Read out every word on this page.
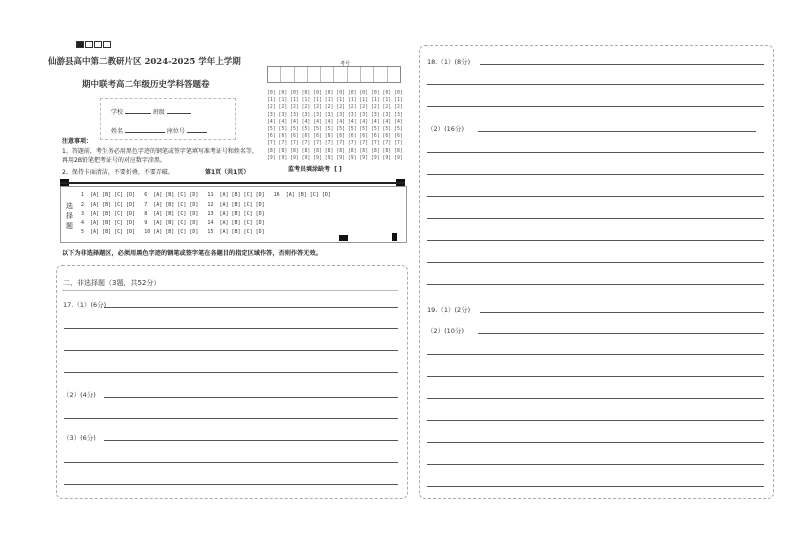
仙游县高中第二教研片区 2024-2025 学年上学期
期中联考高二年级历史学科答题卷
学校	班级
姓名	座位号
考号
[0] [0] [0] [0] [0] [0] [0] [0] [0] [0] [0] [0]
[1] [1] [1] [1] [1] [1] [1] [1] [1] [1] [1] [1]
[2] [2] [2] [2] [2] [2] [2] [2] [2] [2] [2] [2]
[3] [3] [3] [3] [3] [3] [3] [3] [3] [3] [3] [3]
[4] [4] [4] [4] [4] [4] [4] [4] [4] [4] [4] [4]
[5] [5] [5] [5] [5] [5] [5] [5] [5] [5] [5] [5]
[6] [6] [6] [6] [6] [6] [6] [6] [6] [6] [6] [6]
[7] [7] [7] [7] [7] [7] [7] [7] [7] [7] [7] [7]
[8] [8] [8] [8] [8] [8] [8] [8] [8] [8] [8] [8]
[9] [9] [9] [9] [9] [9] [9] [9] [9] [9] [9] [9]
注意事项：
1、答题前，考生务必用黑色字迹的钢笔或签字笔填写准考证号和姓名等，再用2B铅笔把考证号的对应数字涂黑。
2、保持卡面清洁，不要折叠，不要弄破。	第1页（共1页）	监考员填涂缺考 [ ]
选择题
1  [A] [B] [C] [D]   6  [A] [B] [C] [D]   11  [A] [B] [C] [D]   16  [A] [B] [C] [D]
2  [A] [B] [C] [D]   7  [A] [B] [C] [D]   12  [A] [B] [C] [D]
3  [A] [B] [C] [D]   8  [A] [B] [C] [D]   13  [A] [B] [C] [D]
4  [A] [B] [C] [D]   9  [A] [B] [C] [D]   14  [A] [B] [C] [D]
5  [A] [B] [C] [D]   10 [A] [B] [C] [D]   15  [A] [B] [C] [D]
以下为非选择题区，必须用黑色字迹的钢笔或签字笔在各题目的指定区域作答，否则作答无效。
二、非选择题（3题，共52分）
17.（1）(6分)
（2）(4分)
（3）(6分)
18.（1）(8分)
（2）(16分)
19.（1）(2分)
（2）(10分)
